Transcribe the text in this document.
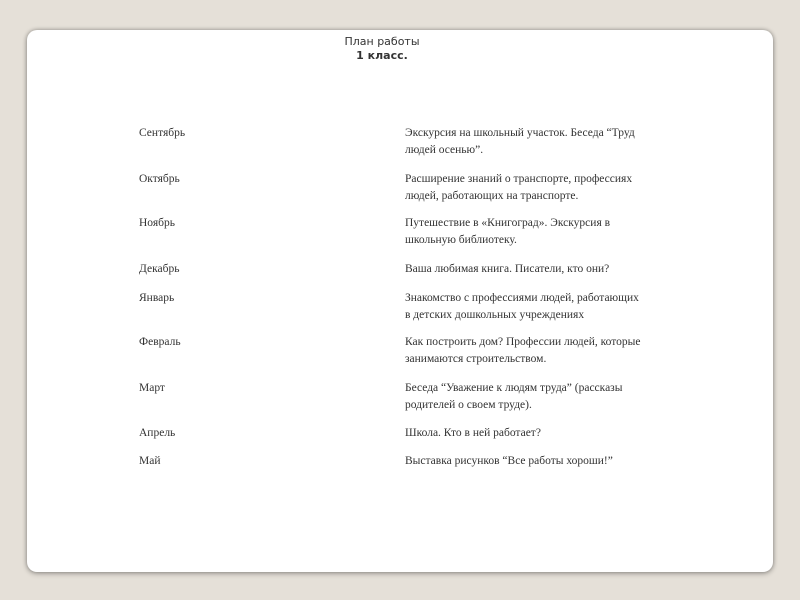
План работы
1 класс.
Сентябрь	Экскурсия на школьный участок. Беседа “Труд
людей осенью”.
Октябрь	Расширение знаний о транспорте, профессиях
людей, работающих на транспорте.
Ноябрь	Путешествие в «Книгоград». Экскурсия в
школьную библиотеку.
Декабрь	Ваша любимая книга. Писатели, кто они?
Январь	Знакомство с профессиями людей, работающих
в детских дошкольных учреждениях
Февраль	Как построить дом? Профессии людей, которые
занимаются строительством.
Март	Беседа “Уважение к людям труда” (рассказы
родителей о своем труде).
Апрель	Школа. Кто в ней работает?
Май	Выставка рисунков “Все работы хороши!”
